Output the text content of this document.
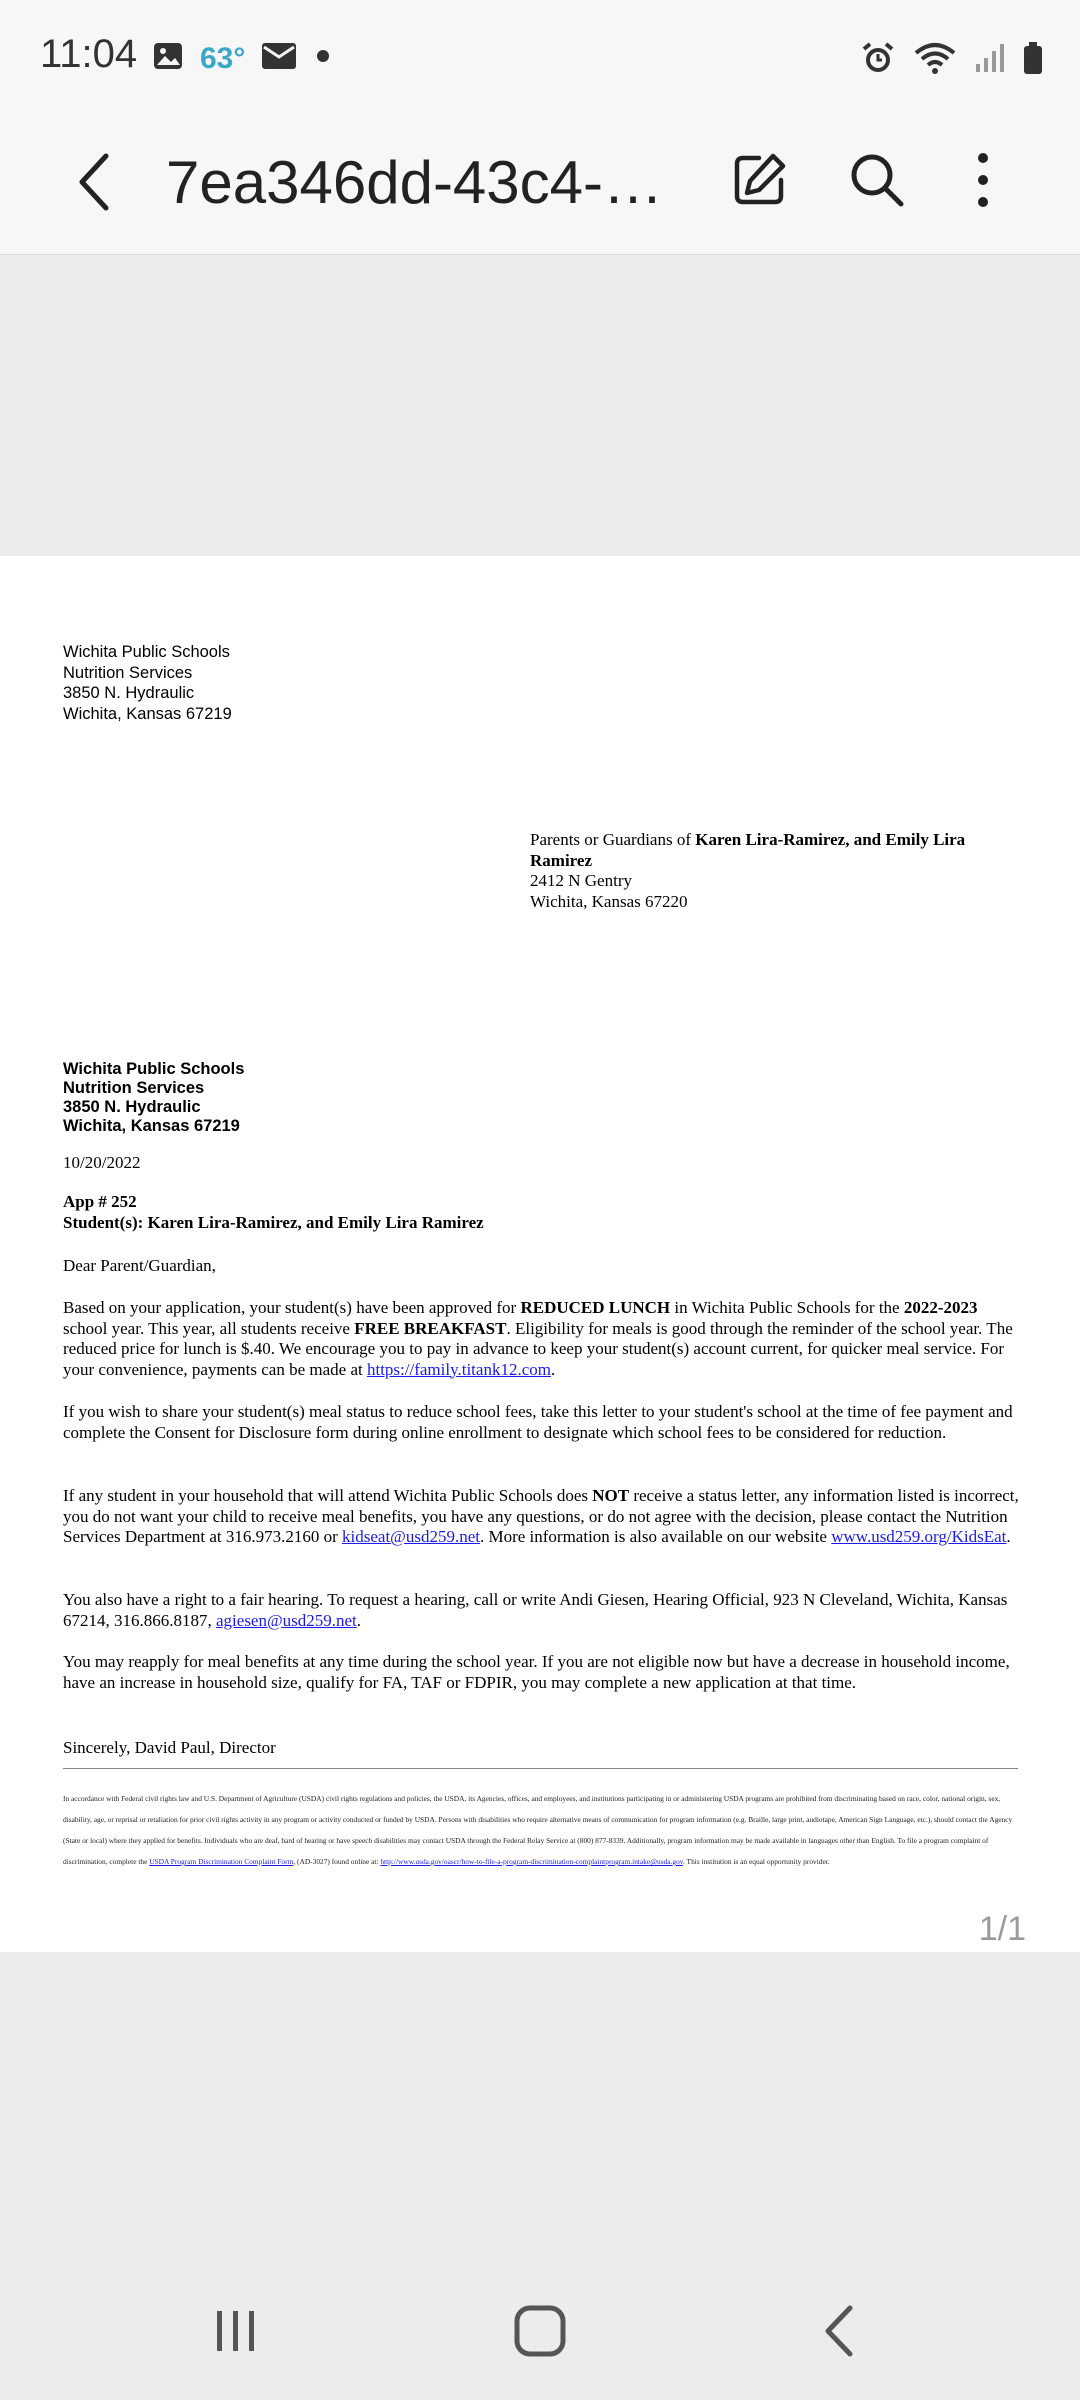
11:04 63°
7ea346dd-43c4-…
Wichita Public Schools
Nutrition Services
3850 N. Hydraulic
Wichita, Kansas 67219
Parents or Guardians of Karen Lira-Ramirez, and Emily Lira
Ramirez
2412 N Gentry
Wichita, Kansas 67220
Wichita Public Schools
Nutrition Services
3850 N. Hydraulic
Wichita, Kansas 67219
10/20/2022
App # 252
Student(s): Karen Lira-Ramirez, and Emily Lira Ramirez
Dear Parent/Guardian,
Based on your application, your student(s) have been approved for REDUCED LUNCH in Wichita Public Schools for the 2022-2023 school year. This year, all students receive FREE BREAKFAST. Eligibility for meals is good through the reminder of the school year. The reduced price for lunch is $.40. We encourage you to pay in advance to keep your student(s) account current, for quicker meal service. For your convenience, payments can be made at https://family.titank12.com.
If you wish to share your student(s) meal status to reduce school fees, take this letter to your student's school at the time of fee payment and complete the Consent for Disclosure form during online enrollment to designate which school fees to be considered for reduction.
If any student in your household that will attend Wichita Public Schools does NOT receive a status letter, any information listed is incorrect, you do not want your child to receive meal benefits, you have any questions, or do not agree with the decision, please contact the Nutrition Services Department at 316.973.2160 or kidseat@usd259.net. More information is also available on our website www.usd259.org/KidsEat.
You also have a right to a fair hearing. To request a hearing, call or write Andi Giesen, Hearing Official, 923 N Cleveland, Wichita, Kansas 67214, 316.866.8187, agiesen@usd259.net.
You may reapply for meal benefits at any time during the school year. If you are not eligible now but have a decrease in household income, have an increase in household size, qualify for FA, TAF or FDPIR, you may complete a new application at that time.
Sincerely, David Paul, Director
In accordance with Federal civil rights law and U.S. Department of Agriculture (USDA) civil rights regulations and policies, the USDA, its Agencies, offices, and employees, and institutions participating in or administering USDA programs are prohibited from discriminating based on race, color, national origin, sex, disability, age, or reprisal or retaliation for prior civil rights activity in any program or activity conducted or funded by USDA. Persons with disabilities who require alternative means of communication for program information (e.g. Braille, large print, audiotape, American Sign Language, etc.), should contact the Agency (State or local) where they applied for benefits. Individuals who are deaf, hard of hearing or have speech disabilities may contact USDA through the Federal Relay Service at (800) 877-8339. Additionally, program information may be made available in languages other than English. To file a program complaint of discrimination, complete the USDA Program Discrimination Complaint Form, (AD-3027) found online at: http://www.usda.gov/oascr/how-to-file-a-program-discrimination-complaintprogram.intake@usda.gov. This institution is an equal opportunity provider.
1/1
